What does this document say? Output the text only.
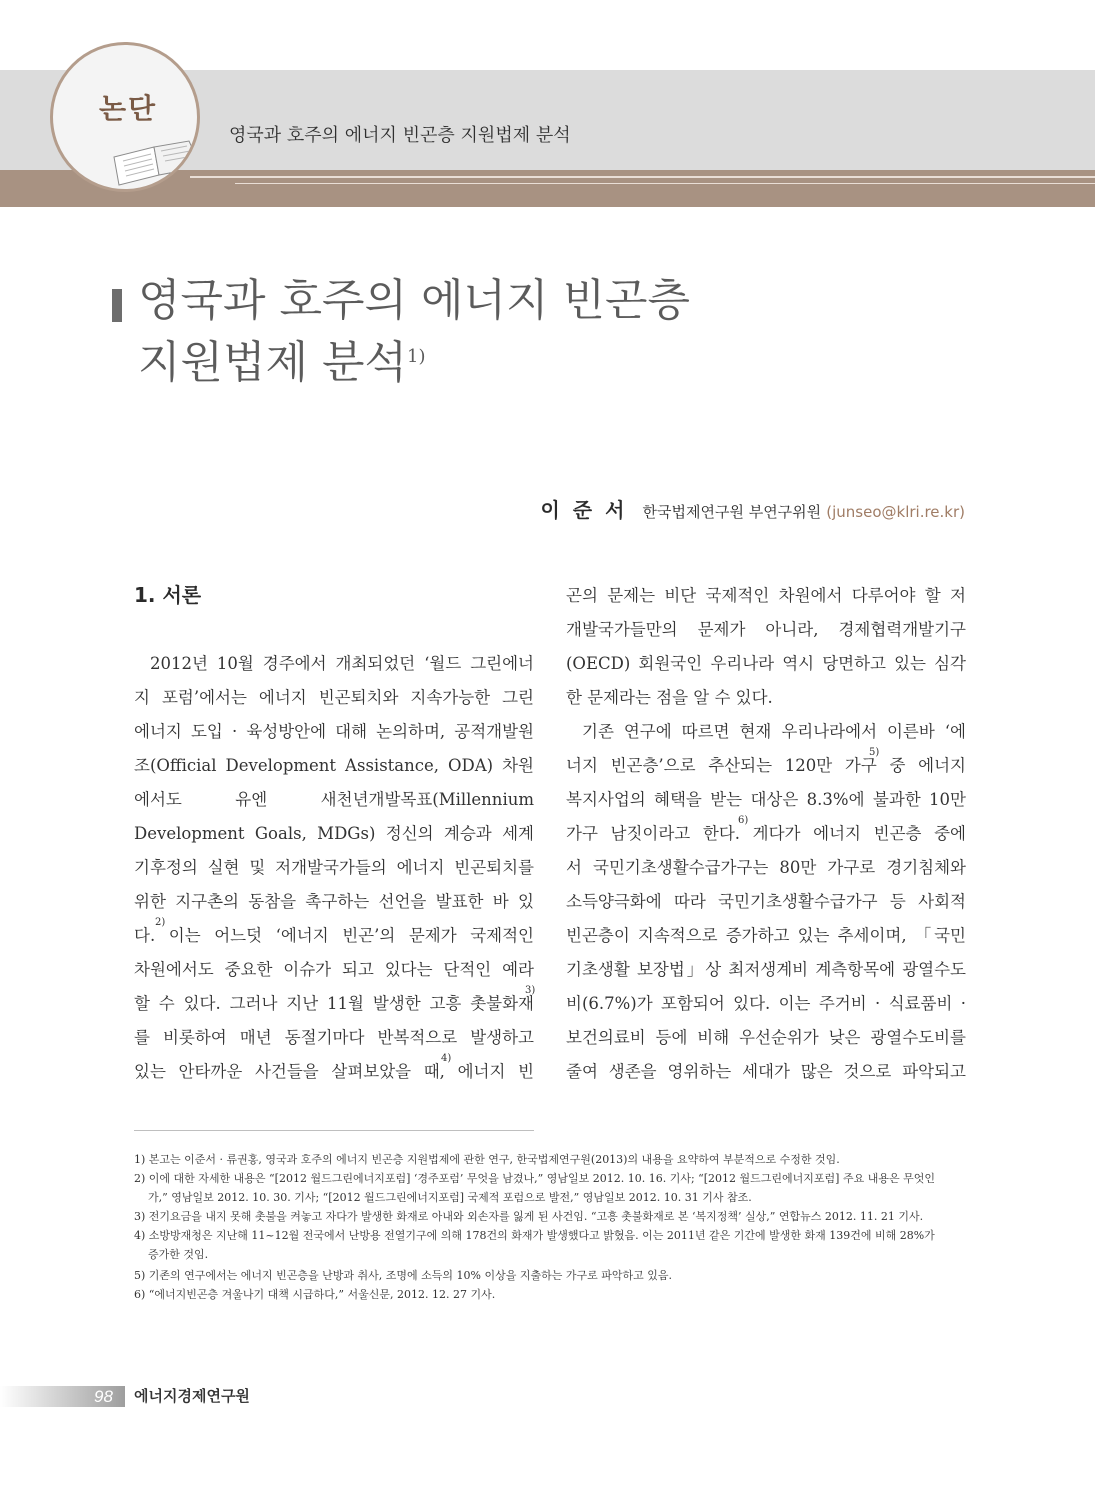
논단
영국과 호주의 에너지 빈곤층 지원법제 분석
영국과 호주의 에너지 빈곤층
지원법제 분석$^{1)}$
이 준 서 한국법제연구원 부연구위원 (junseo@klri.re.kr)
1. 서론
2012년 10월 경주에서 개최되었던 ‘월드 그린에너
지 포럼’에서는 에너지 빈곤퇴치와 지속가능한 그린
에너지 도입 · 육성방안에 대해 논의하며, 공적개발원
조(Official Development Assistance, ODA) 차원
에서도 유엔 새천년개발목표(Millennium
Development Goals, MDGs) 정신의 계승과 세계
기후정의 실현 및 저개발국가들의 에너지 빈곤퇴치를
위한 지구촌의 동참을 촉구하는 선언을 발표한 바 있
다. 이는 어느덧 ‘에너지 빈곤’의 문제가 국제적인
차원에서도 중요한 이슈가 되고 있다는 단적인 예라
할 수 있다. 그러나 지난 11월 발생한 고흥 촛불화재
를 비롯하여 매년 동절기마다 반복적으로 발생하고
있는 안타까운 사건들을 살펴보았을 때, 에너지 빈
2)
3)
4)
곤의 문제는 비단 국제적인 차원에서 다루어야 할 저
개발국가들만의 문제가 아니라, 경제협력개발기구
(OECD) 회원국인 우리나라 역시 당면하고 있는 심각
한 문제라는 점을 알 수 있다.
기존 연구에 따르면 현재 우리나라에서 이른바 ‘에
너지 빈곤층’으로 추산되는 120만 가구 중 에너지
복지사업의 혜택을 받는 대상은 8.3%에 불과한 10만
가구 남짓이라고 한다. 게다가 에너지 빈곤층 중에
서 국민기초생활수급가구는 80만 가구로 경기침체와
소득양극화에 따라 국민기초생활수급가구 등 사회적
빈곤층이 지속적으로 증가하고 있는 추세이며, 「국민
기초생활 보장법」상 최저생계비 계측항목에 광열수도
비(6.7%)가 포함되어 있다. 이는 주거비 · 식료품비 ·
보건의료비 등에 비해 우선순위가 낮은 광열수도비를
줄여 생존을 영위하는 세대가 많은 것으로 파악되고
5)
6)
1) 본고는 이준서 · 류권홍, 영국과 호주의 에너지 빈곤층 지원법제에 관한 연구, 한국법제연구원(2013)의 내용을 요약하여 부분적으로 수정한 것임.
2) 이에 대한 자세한 내용은 “[2012 월드그린에너지포럼] ‘경주포럼’ 무엇을 남겼나,” 영남일보 2012. 10. 16. 기사; “[2012 월드그린에너지포럼] 주요 내용은 무엇인
가,” 영남일보 2012. 10. 30. 기사; “[2012 월드그린에너지포럼] 국제적 포럼으로 발전,” 영남일보 2012. 10. 31 기사 참조.
3) 전기요금을 내지 못해 촛불을 켜놓고 자다가 발생한 화재로 아내와 외손자를 잃게 된 사건임. “고흥 촛불화재로 본 ‘복지정책’ 실상,” 연합뉴스 2012. 11. 21 기사.
4) 소방방재청은 지난해 11~12월 전국에서 난방용 전열기구에 의해 178건의 화재가 발생했다고 밝혔음. 이는 2011년 같은 기간에 발생한 화재 139건에 비해 28%가
증가한 것임.
5) 기존의 연구에서는 에너지 빈곤층을 난방과 취사, 조명에 소득의 10% 이상을 지출하는 가구로 파악하고 있음.
6) “에너지빈곤층 겨울나기 대책 시급하다,” 서울신문, 2012. 12. 27 기사.
98 에너지경제연구원
